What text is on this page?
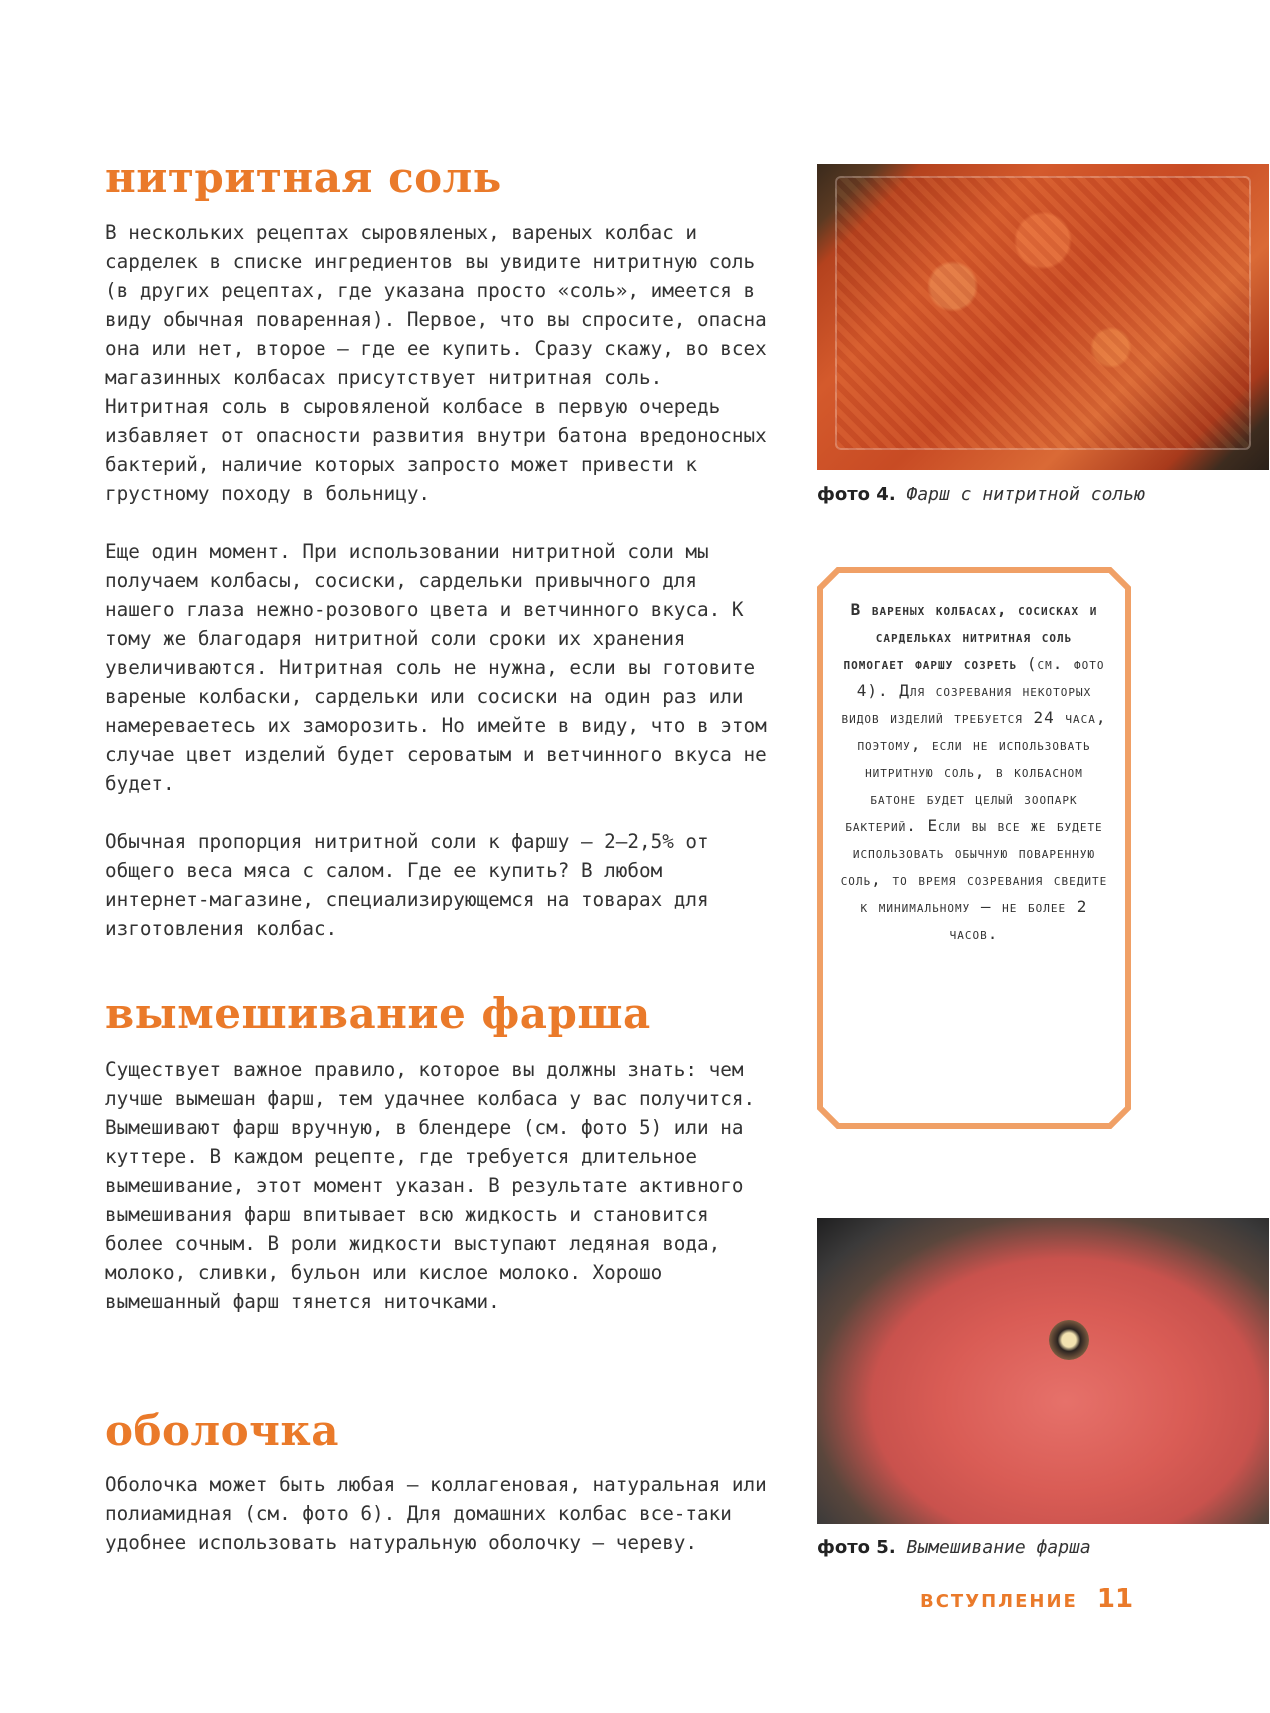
нитритная соль

В нескольких рецептах сыровяленых, вареных колбас и сарделек в списке ингредиентов вы увидите нитритную соль (в других рецептах, где указана просто «соль», имеется в виду обычная поваренная). Первое, что вы спросите, опасна она или нет, второе – где ее купить. Сразу скажу, во всех магазинных колбасах присутствует нитритная соль. Нитритная соль в сыровяленой колбасе в первую очередь избавляет от опасности развития внутри батона вредоносных бактерий, наличие которых запросто может привести к грустному походу в больницу.

Еще один момент. При использовании нитритной соли мы получаем колбасы, сосиски, сардельки привычного для нашего глаза нежно-розового цвета и ветчинного вкуса. К тому же благодаря нитритной соли сроки их хранения увеличиваются. Нитритная соль не нужна, если вы готовите вареные колбаски, сардельки или сосиски на один раз или намереваетесь их заморозить. Но имейте в виду, что в этом случае цвет изделий будет сероватым и ветчинного вкуса не будет.

Обычная пропорция нитритной соли к фаршу – 2–2,5% от общего веса мяса с салом. Где ее купить? В любом интернет-магазине, специализирующемся на товарах для изготовления колбас.

вымешивание фарша

Существует важное правило, которое вы должны знать: чем лучше вымешан фарш, тем удачнее колбаса у вас получится. Вымешивают фарш вручную, в блендере (см. фото 5) или на куттере. В каждом рецепте, где требуется длительное вымешивание, этот момент указан. В результате активного вымешивания фарш впитывает всю жидкость и становится более сочным. В роли жидкости выступают ледяная вода, молоко, сливки, бульон или кислое молоко. Хорошо вымешанный фарш тянется ниточками.

оболочка

Оболочка может быть любая – коллагеновая, натуральная или полиамидная (см. фото 6). Для домашних колбас все-таки удобнее использовать натуральную оболочку – череву.

фото 4. Фарш с нитритной солью

В вареных колбасах, сосисках и сардельках нитритная соль помогает фаршу созреть (см. фото 4). Для созревания некоторых видов изделий требуется 24 часа, поэтому, если не использовать нитритную соль, в колбасном батоне будет целый зоопарк бактерий. Если вы все же будете использовать обычную поваренную соль, то время созревания сведите к минимальному – не более 2 часов.

фото 5. Вымешивание фарша

ВСТУПЛЕНИЕ 11
